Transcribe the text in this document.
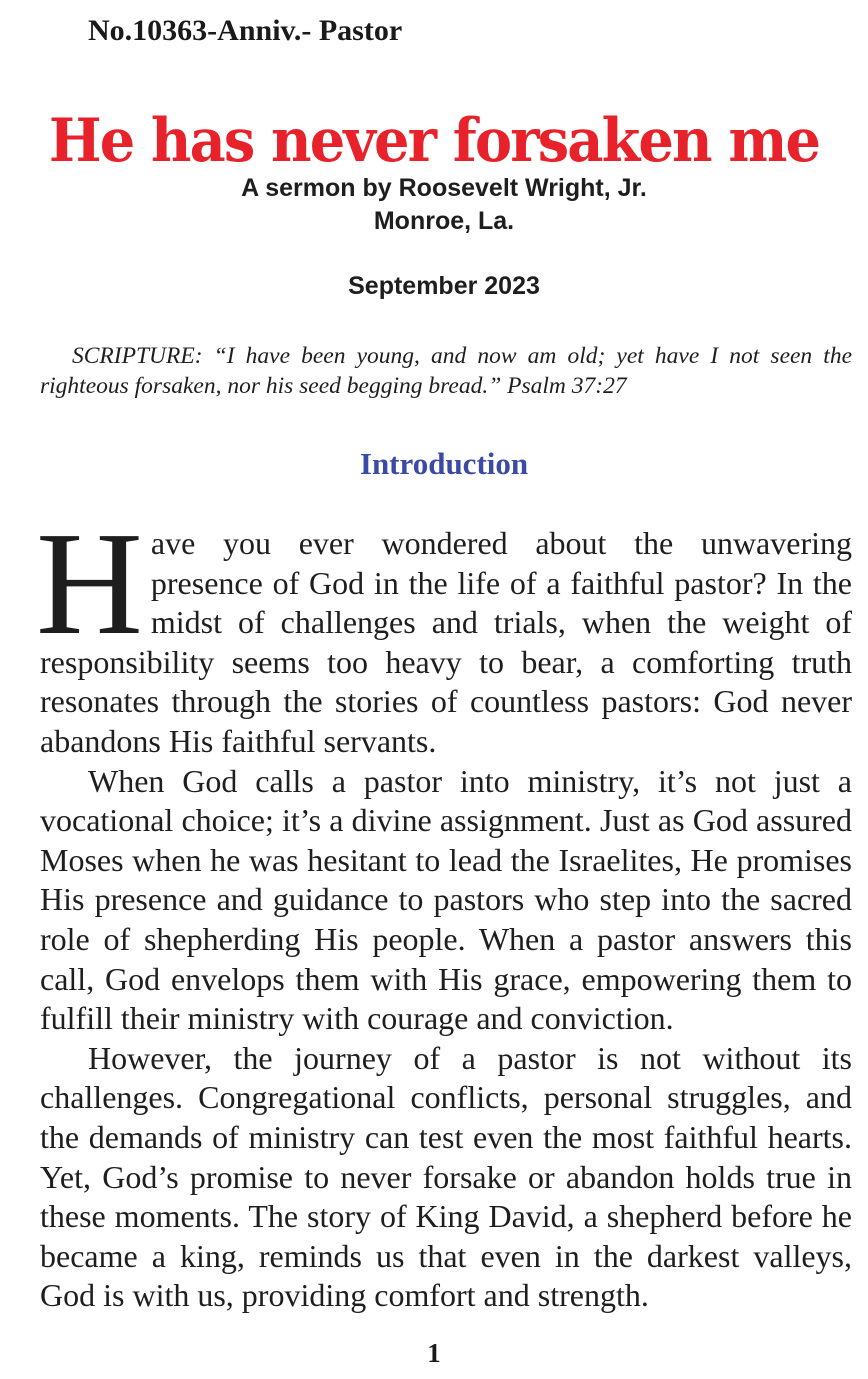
No.10363-Anniv.- Pastor
He has never forsaken me
A sermon by Roosevelt Wright, Jr.
Monroe, La.
September 2023

SCRIPTURE: “I have been young, and now am old; yet have I not seen the righteous forsaken, nor his seed begging bread.” Psalm 37:27

Introduction

Have you ever wondered about the unwavering presence of God in the life of a faithful pastor? In the midst of challenges and trials, when the weight of responsibility seems too heavy to bear, a comforting truth resonates through the stories of countless pastors: God never abandons His faithful servants.

When God calls a pastor into ministry, it’s not just a vocational choice; it’s a divine assignment. Just as God assured Moses when he was hesitant to lead the Israelites, He promises His presence and guidance to pastors who step into the sacred role of shepherding His people. When a pastor answers this call, God envelops them with His grace, empowering them to fulfill their ministry with courage and conviction.

However, the journey of a pastor is not without its challenges. Congregational conflicts, personal struggles, and the demands of ministry can test even the most faithful hearts. Yet, God’s promise to never forsake or abandon holds true in these moments. The story of King David, a shepherd before he became a king, reminds us that even in the darkest valleys, God is with us, providing comfort and strength.

1
